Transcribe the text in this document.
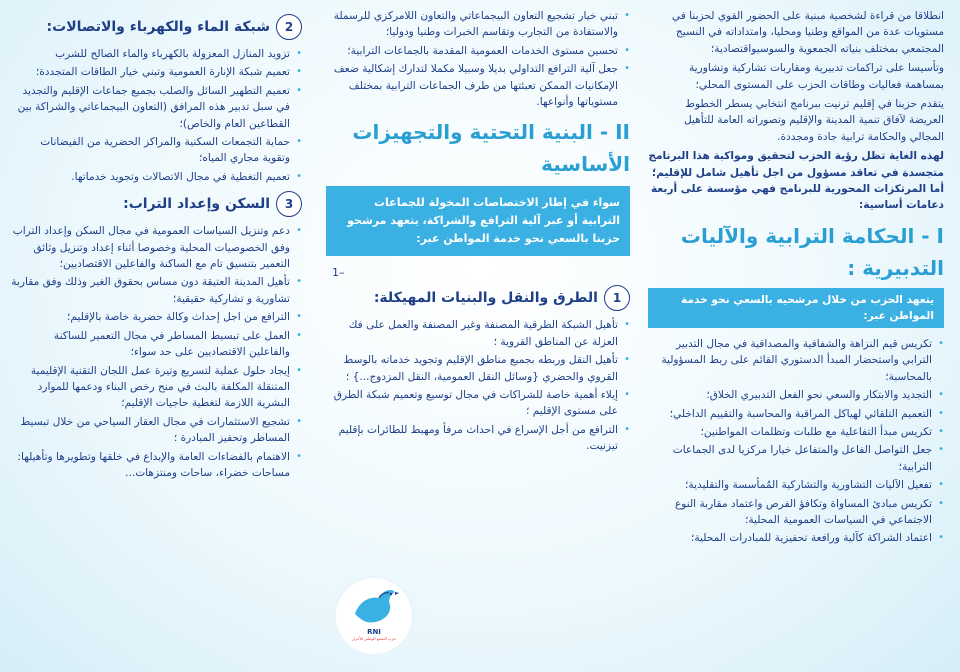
انطلاقا من قراءة لشخصية مبنية على الحضور القوي لحزبنا في مستويات عدة من المواقع وطنيا ومحليا، وامتداداته في النسيج المجتمعي بمختلف بنياته الجمعوية والسوسيواقتصادية؛

وتأسيسا على تراكمات تدبيرية ومقاربات تشاركية وتشاورية بمساهمة فعاليات وطاقات الحزب على المستوى المحلي؛

يتقدم حزبنا في إقليم ترنيت ببرنامج انتخابي يسطر الخطوط العريضة لآفاق تنمية المدينة والإقليم وتصوراته العامة للتأهيل المجالي والحكامة ترابية جادة ومجددة.

لهذه الغاية تظل رؤية الحزب لتحقيق ومواكبة هذا البرنامج متجسدة في تعاقد مسؤول من اجل تأهيل شامل للإقليم؛ أما المرتكزات المحورية للبرنامج فهي مؤسسة على أربعة دعامات أساسية:

I - الحكامة الترابية والآليات التدبيرية :
يتعهد الحزب من خلال مرشحيه بالسعي نحو خدمة المواطن عبر:
• تكريس قيم النزاهة والشفافية والمصداقية في مجال التدبير الترابي واستحضار المبدأ الدستوري القائم على ربط المسؤولية بالمحاسبة؛
• التجديد والابتكار والسعي نحو الفعل التدبيري الخلاق؛
• التعميم التلقائي لهياكل المراقبة والمحاسبة والتقييم الداخلي؛
• تكريس مبدأ التفاعلية مع طلبات وتظلمات المواطنين؛
• جعل التواصل الفاعل والمتفاعل خيارا مركزيا لدى الجماعات الترابية؛
• تفعيل الآليات التشاورية والتشاركية المُمأسسة والتقليدية؛
• تكريس مبادئ المساواة وتكافؤ الفرص واعتماد مقاربة النوع الاجتماعي في السياسات العمومية المحلية؛
• اعتماد الشراكة كآلية ورافعة تحفيزية للمبادرات المحلية؛
• تبني خيار تشجيع التعاون البيجماعاتي والتعاون اللامركزي للرسملة والاستفادة من التجارب وتقاسم الخبرات وطنيا ودوليا؛
• تحسين مستوى الخدمات العمومية المقدمة بالجماعات الترابية؛
• جعل آلية الترافع التداولي بديلا وسبيلا مكملا لتدارك إشكالية ضعف الإمكانيات الممكن تعبئتها من طرف الجماعات الترابية بمختلف مستوياتها وأنواعها.
II - البنية التحتية والتجهيزات الأساسية
سواء في إطار الاختصاصات المخولة للجماعات الترابية أو عبر آلية الترافع والشراكة، يتعهد مرشحو حزبنا بالسعي نحو خدمة المواطن عبر:
1–
1
الطرق والنقل والبنيات المهيكلة:
• تأهيل الشبكة الطرقية المصنفة وغير المصنفة والعمل على فك العزلة عن المناطق القروية ؛
• تأهيل النقل وربطه بجميع مناطق الإقليم وتجويد خدماته بالوسط القروي والحضري {وسائل النقل العمومية، النقل المزدوج...} ؛
• إيلاء أهمية خاصة للشراكات في مجال توسيع وتعميم شبكة الطرق على مستوى الإقليم ؛
• الترافع من أجل الإسراع في احداث مرفأ ومهبط للطائرات بإقليم تيزنيت.
2
شبكة الماء والكهرباء والاتصالات:
• تزويد المنازل المعزولة بالكهرباء والماء الصالح للشرب
• تعميم شبكة الإنارة العمومية وتبني خيار الطاقات المتجددة؛
• تعميم التطهير السائل والصلب بجميع جماعات الإقليم والتجديد في سبل تدبير هذه المرافق (التعاون البيجماعاتي والشراكة بين القطاعين العام والخاص)؛
• حماية التجمعات السكنية والمراكز الحضرية من الفيضانات وتقوية مجاري المياه؛
• تعميم التغطية في مجال الاتصالات وتجويد خدماتها.
3
السكن وإعداد التراب:
• دعم وتنزيل السياسات العمومية في مجال السكن وإعداد التراب وفق الخصوصيات المحلية وخصوصا أثناء إعداد وتنزيل وثائق التعمير بتنسيق تام مع الساكنة والفاعلين الاقتصاديين؛
• تأهيل المدينة العتيقة دون مساس بحقوق الغير وذلك وفق مقاربة تشاورية و تشاركية حقيقية؛
• الترافع من اجل إحداث وكالة حضرية خاصة بالإقليم؛
• العمل على تبسيط المساطر في مجال التعمير للساكنة والفاعلين الاقتصاديين على حد سواء؛
• إيجاد حلول عملية لتسريع وتيرة عمل اللجان التقنية الإقليمية المتنقلة المكلفة بالبث في منح رخص البناء ودعمها للموارد البشرية اللازمة لتغطية حاجيات الإقليم؛
• تشجيع الاستثمارات في مجال العقار السياحي من خلال تبسيط المساطر وتحفيز المبادرة ؛
• الاهتمام بالفضاءات العامة والإبداع في خلقها وتطويرها وتأهيلها: مساحات خضراء، ساحات ومنتزهات...
RNI
حزب التجمع الوطني للأحرار
